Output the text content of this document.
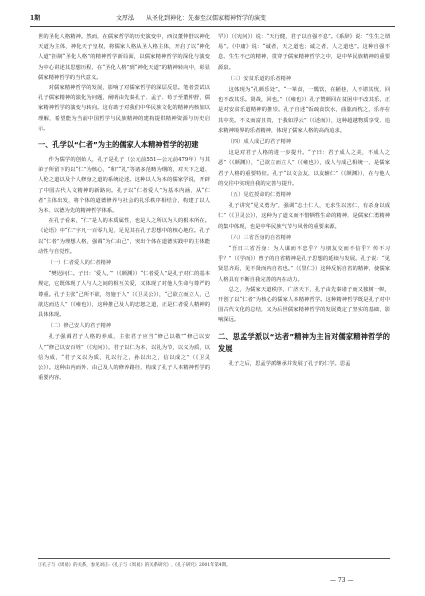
1期	文厚泓 从圣化到神化：先秦至汉儒家精神哲学的演变

世的圣化人格精神。然而，在儒家哲学的历史演变中，西汉董仲舒以神化天道为主体，神化天子皇权，将儒家人格从圣人格主体，开启了以“神化人道”拒制“圣化人格”的精神哲学新局面，以儒家精神哲学的深化与演变为中心讲述其思想历程，在“圣化人格”到“神化天道”的精神转向中，彰显儒家精神哲学的当代意义。

对儒家精神哲学的发展，影响了对儒家哲学的深层反思。笔者尝试以孔子儒家精神的演化为问题，阐明由先秦孔子、孟子、荀子至董仲舒，儒家精神哲学的演变与转向。这有助于对我们中华民族文化的精神内核加以理解，希望能为当前中国哲学与民族精神的建构提供精神资源与历史启示。

一、孔学以“仁者”为主的儒家人本精神哲学的初建

作为儒学的创始人，孔子是孔子（公元前551—公元前479年）与其弟子所留下的以“仁”为核心，“和”“礼”等诸多范畴为纲的，对天下之道、人伦之道以及个人修身之道的系统论述。这种以人为本的儒家学说，开辟了中国古代人文精神的新路向。孔子以“仁者爱人”为基本内涵，从“仁者”主体出发，将个体的道德修养与社会的礼乐秩序相结合，构建了以人为本、以德为先的精神哲学体系。

在孔子看来，“仁”是人的本质属性，也是人之所以为人的根本所在。《论语》中“仁”字凡一百零九见，足见其在孔子思想中的核心地位。孔子以“仁者”为理想人格，强调“为仁由己”，突出个体在道德实践中的主体能动性与自觉性。

（一）仁者爱人的仁者精神

“樊迟问仁。子曰：‘爱人。’”（《颜渊》）“仁者爱人”是孔子对仁的基本规定，它既体现了人与人之间的相互关爱，又体现了对他人生命与尊严的尊重。孔子主张“己所不欲，勿施于人”（《卫灵公》），“己欲立而立人，己欲达而达人”（《雍也》），这种推己及人的忠恕之道，正是仁者爱人精神的具体体现。

（二）修己安人的君子精神

孔子强调君子人格的养成，主张君子应当“修己以敬”“修己以安人”“修己以安百姓”（《宪问》）。君子以仁为本，以礼为节，以义为质，以信为成，“君子义以为质，礼以行之，孙以出之，信以成之”（《卫灵公》）。这种由内而外、由己及人的修养路径，构成了孔子人本精神哲学的重要内容。

罕》）（《宪问》）说：“天行健，君子以自强不息”。《系辞》说：“生生之谓易”。《中庸》说：“诚者，天之道也；诚之者，人之道也”。这种自强不息、生生不已的精神，贯穿于儒家精神哲学之中，是中华民族精神的重要源泉。

（三）安贫乐道的乐者精神

这体现为“孔颜乐处”。“一箪食，一瓢饮，在陋巷，人不堪其忧，回也不改其乐。贤哉，回也。”（《雍也》）孔子赞颜回在贫困中不改其乐，正是对安贫乐道精神的推崇。孔子自述“饭疏食饮水，曲肱而枕之，乐亦在其中矣。不义而富且贵，于我如浮云”（《述而》），这种超越物质享受、追求精神境界的乐者精神，体现了儒家人格的高尚追求。

（四）成人成己的君子精神

这是对君子人格的进一步提升。“子曰：君子成人之美，不成人之恶”（《颜渊》），“己欲立而立人”（《雍也》），成人与成己相统一，是儒家君子人格的重要特征。孔子“以文会友，以友辅仁”（《颜渊》），在与他人的交往中实现自我的完善与提升。

（五）见危授命的仁勇精神

孔子讲究“见义勇为”，强调“志士仁人，无求生以害仁，有杀身以成仁”（《卫灵公》），这种为了道义而不惜牺牲生命的精神，是儒家仁勇精神的集中体现，也是中华民族气节与风骨的重要来源。

（六）三省吾身的自省精神

“吾日三省吾身：为人谋而不忠乎？与朋友交而不信乎？传不习乎？”（《学而》）曾子的自省精神是孔子思想的延续与发展。孔子说：“见贤思齐焉，见不贤而内自省也。”（《里仁》）这种反躬自省的精神，使儒家人格具有不断自我完善的内在动力。

总之，为儒家天道秩序、广济天下，孔子由先秦诸子而又独树一帜，开创了以“仁者”为核心的儒家人本精神哲学。这种精神哲学既是孔子对中国古代文化的总结，又为后世儒家精神哲学的发展奠定了坚实的基础，影响深远。

二、思孟学派以“达者”精神为主旨对儒家精神哲学的发展

孔子之后，思孟学派继承并发展了孔子的仁学。思孟

①孔子与《周易》的关系，参见刘正:《孔子与《周易》的关系研究》,《孔子研究》2001年第4期。
— 73 —
